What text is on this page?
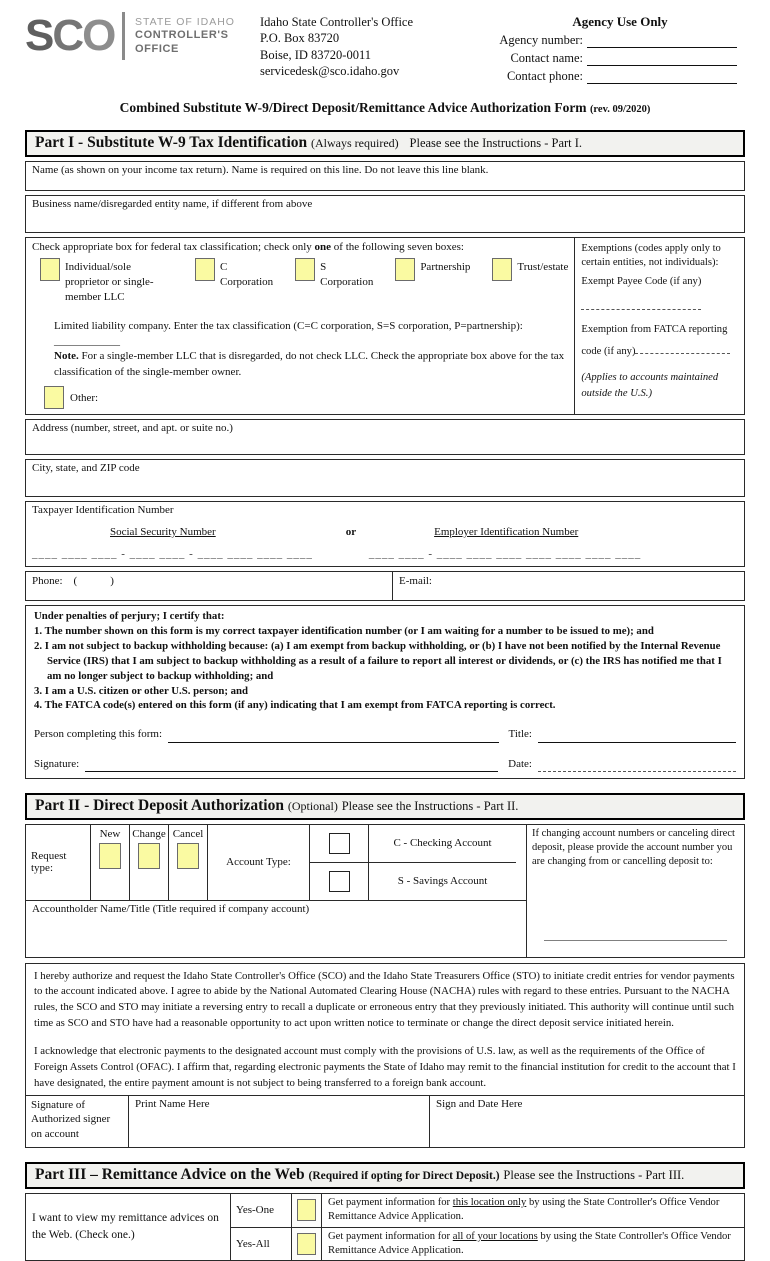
SCO STATE OF IDAHO
CONTROLLER'S OFFICE
Idaho State Controller's Office
P.O. Box 83720
Boise, ID 83720-0011
servicedesk@sco.idaho.gov
Agency Use Only
Agency number:
Contact name:
Contact phone:
Combined Substitute W-9/Direct Deposit/Remittance Advice Authorization Form (rev. 09/2020)
Part I - Substitute W-9 Tax Identification (Always required) Please see the Instructions - Part I.
Name (as shown on your income tax return). Name is required on this line. Do not leave this line blank.
Business name/disregarded entity name, if different from above
Check appropriate box for federal tax classification; check only one of the following seven boxes:
Individual/sole proprietor or single-member LLC
C Corporation
S Corporation
Partnership	Trust/estate
Limited liability company. Enter the tax classification (C=C corporation, S=S corporation, P=partnership): ____________
Note. For a single-member LLC that is disregarded, do not check LLC. Check the appropriate box above for the tax classification of the single-member owner.
Other:
Exemptions (codes apply only to certain entities, not individuals):
Exempt Payee Code (if any)
Exemption from FATCA reporting
code (if any)
(Applies to accounts maintained outside the U.S.)
Address (number, street, and apt. or suite no.)
City, state, and ZIP code
Taxpayer Identification Number
Social Security Number	or	Employer Identification Number
____ ____ ____ - ____ ____ - ____ ____ ____ ____	____ ____ - ____ ____ ____ ____ ____ ____ ____
Phone:    (            )	E-mail:
Under penalties of perjury; I certify that:
1. The number shown on this form is my correct taxpayer identification number (or I am waiting for a number to be issued to me); and
2. I am not subject to backup withholding because: (a) I am exempt from backup withholding, or (b) I have not been notified by the Internal Revenue Service (IRS) that I am subject to backup withholding as a result of a failure to report all interest or dividends, or (c) the IRS has notified me that I am no longer subject to backup withholding; and
3. I am a U.S. citizen or other U.S. person; and
4. The FATCA code(s) entered on this form (if any) indicating that I am exempt from FATCA reporting is correct.
Person completing this form:	Title:
Signature:	Date:
Part II - Direct Deposit Authorization (Optional) Please see the Instructions - Part II.
Request type:
New	Change Cancel
Account Type:
C - Checking Account
S - Savings Account
Accountholder Name/Title (Title required if company account)
If changing account numbers or canceling direct deposit, please provide the account number you are changing from or cancelling deposit to:

I hereby authorize and request the Idaho State Controller's Office (SCO) and the Idaho State Treasurers Office (STO) to initiate credit entries for vendor payments to the account indicated above. I agree to abide by the National Automated Clearing House (NACHA) rules with regard to these entries. Pursuant to the NACHA rules, the SCO and STO may initiate a reversing entry to recall a duplicate or erroneous entry that they previously initiated. This authority will continue until such time as SCO and STO have had a reasonable opportunity to act upon written notice to terminate or change the direct deposit service initiated herein.

I acknowledge that electronic payments to the designated account must comply with the provisions of U.S. law, as well as the requirements of the Office of Foreign Assets Control (OFAC). I affirm that, regarding electronic payments the State of Idaho may remit to the financial institution for credit to the account that I have designated, the entire payment amount is not subject to being transferred to a foreign bank account.

Signature of Authorized signer on account
Print Name Here	Sign and Date Here
Part III – Remittance Advice on the Web (Required if opting for Direct Deposit.) Please see the Instructions - Part III.
I want to view my remittance advices on the Web. (Check one.)
Yes-One
Get payment information for this location only by using the State Controller's Office Vendor Remittance Advice Application.
Yes-All
Get payment information for all of your locations by using the State Controller's Office Vendor Remittance Advice Application.
